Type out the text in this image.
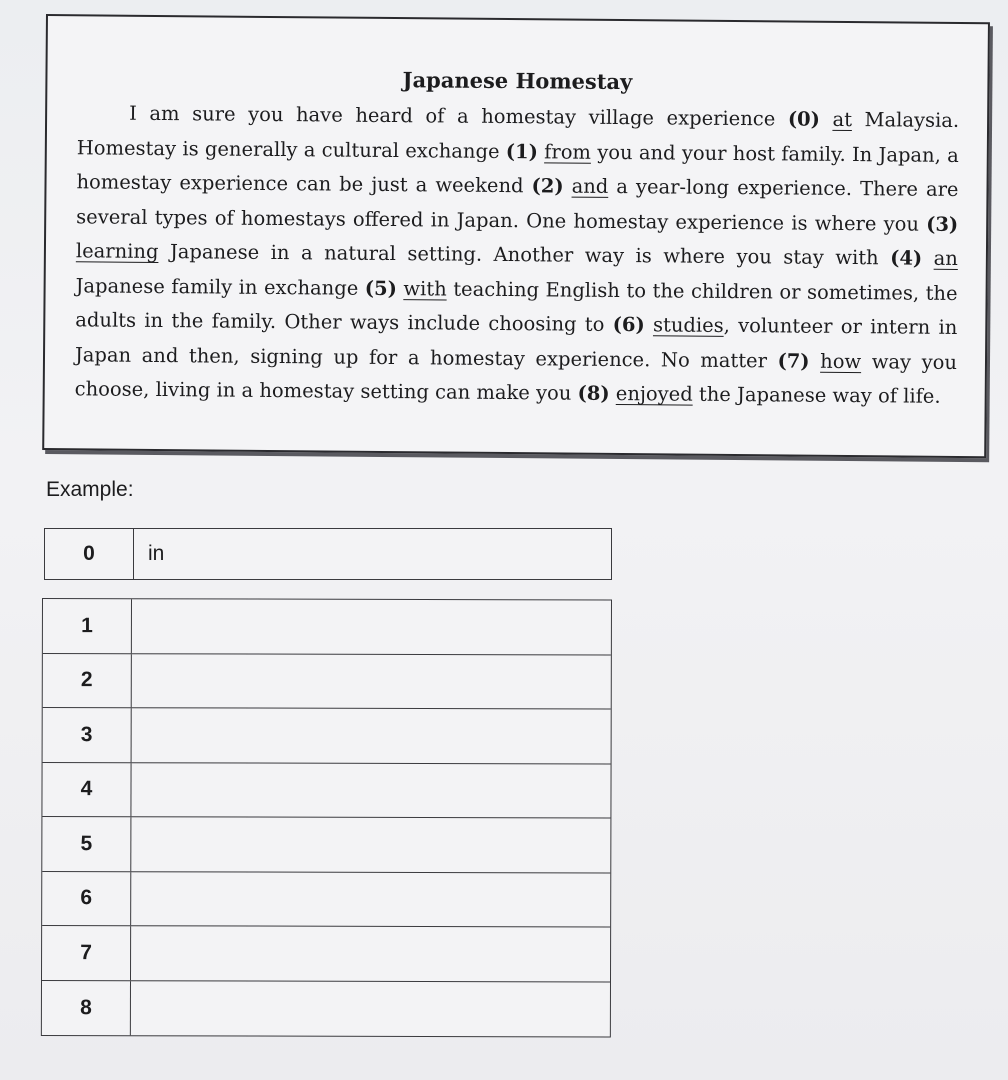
Japanese Homestay
I am sure you have heard of a homestay village experience (0) at Malaysia. Homestay is generally a cultural exchange (1) from you and your host family. In Japan, a homestay experience can be just a weekend (2) and a year-long experience. There are several types of homestays offered in Japan. One homestay experience is where you (3) learning Japanese in a natural setting. Another way is where you stay with (4) an Japanese family in exchange (5) with teaching English to the children or sometimes, the adults in the family. Other ways include choosing to (6) studies, volunteer or intern in Japan and then, signing up for a homestay experience. No matter (7) how way you choose, living in a homestay setting can make you (8) enjoyed the Japanese way of life.
Example:
0	in
1
2
3
4
5
6
7
8
